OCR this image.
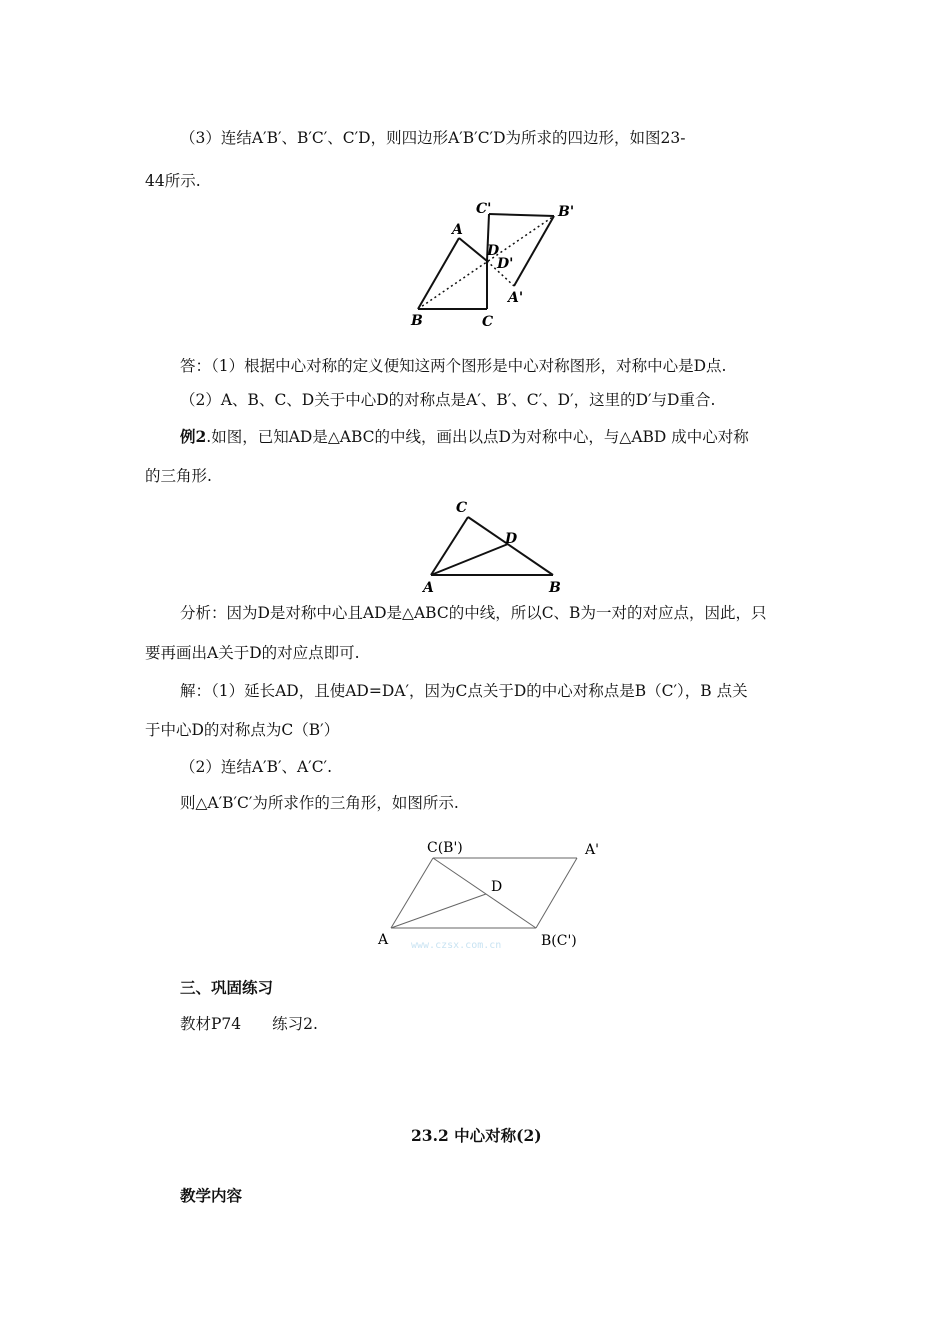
（3）连结A′B′、B′C′、C′D，则四边形A′B′C′D为所求的四边形，如图23-
44所示.
A
B	C
D
D'
A'
B'
C'
答：（1）根据中心对称的定义便知这两个图形是中心对称图形，对称中心是D点.
（2）A、B、C、D关于中心D的对称点是A′、B′、C′、D′，这里的D′与D重合.
例2.如图，已知AD是△ABC的中线，画出以点D为对称中心，与△ABD 成中心对称
的三角形.
C
D
A	B
分析：因为D是对称中心且AD是△ABC的中线，所以C、B为一对的对应点，因此，只
要再画出A关于D的对应点即可.
解：（1）延长AD，且使AD=DA′，因为C点关于D的中心对称点是B（C′），B 点关
于中心D的对称点为C（B′）
（2）连结A′B′、A′C′.
则△A′B′C′为所求作的三角形，如图所示.
C(B')	A'
D
A	B(C')
www.czsx.com.cn
三、巩固练习
教材P74　　练习2.
23.2 中心对称(2)
教学内容
